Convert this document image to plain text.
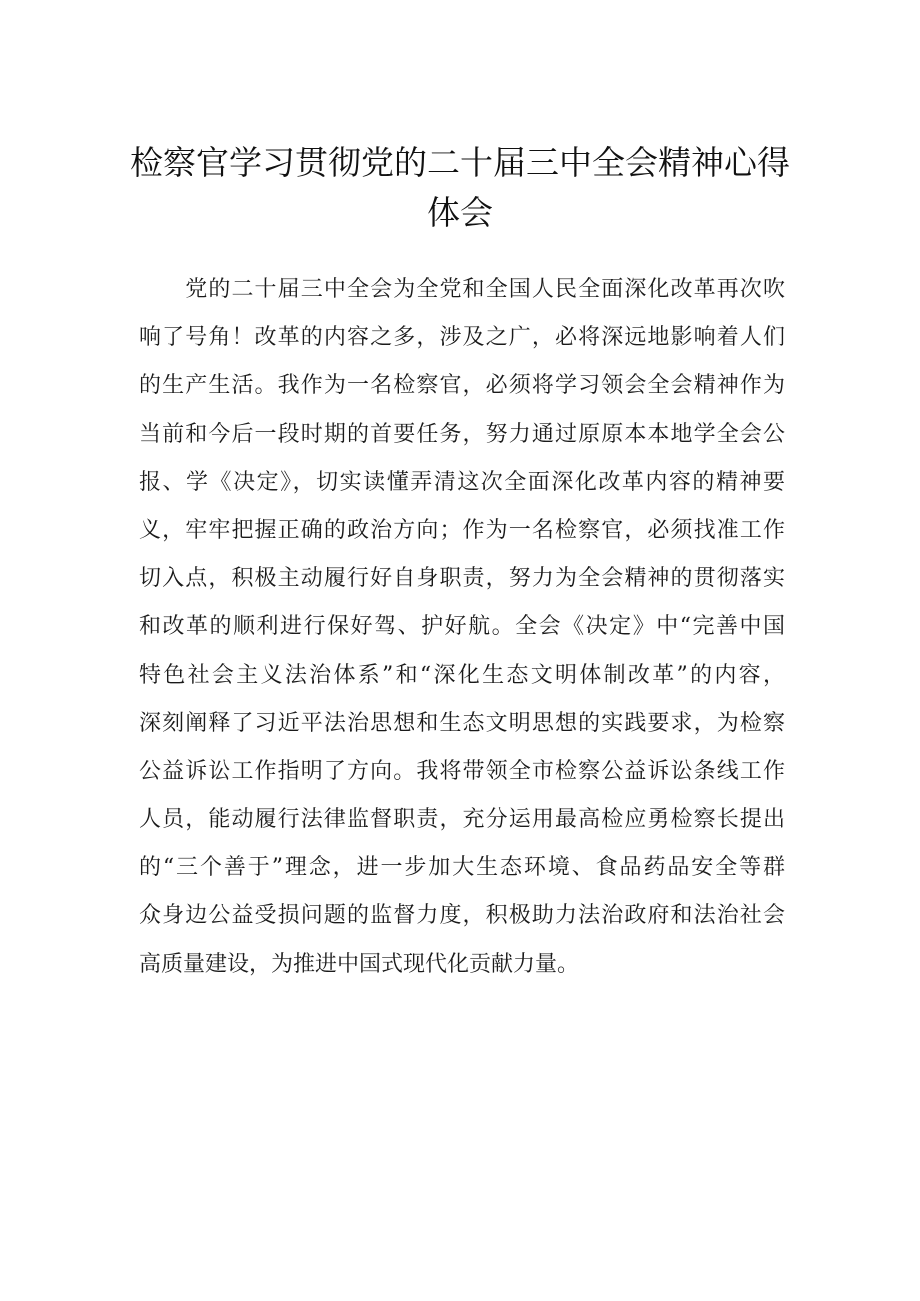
检察官学习贯彻党的二十届三中全会精神心得
体会
　　党的二十届三中全会为全党和全国人民全面深化改革再次吹
响了号角！改革的内容之多，涉及之广，必将深远地影响着人们
的生产生活。我作为一名检察官，必须将学习领会全会精神作为
当前和今后一段时期的首要任务，努力通过原原本本地学全会公
报、学《决定》，切实读懂弄清这次全面深化改革内容的精神要
义，牢牢把握正确的政治方向；作为一名检察官，必须找准工作
切入点，积极主动履行好自身职责，努力为全会精神的贯彻落实
和改革的顺利进行保好驾、护好航。全会《决定》中“完善中国
特色社会主义法治体系”和“深化生态文明体制改革”的内容，
深刻阐释了习近平法治思想和生态文明思想的实践要求，为检察
公益诉讼工作指明了方向。我将带领全市检察公益诉讼条线工作
人员，能动履行法律监督职责，充分运用最高检应勇检察长提出
的“三个善于”理念，进一步加大生态环境、食品药品安全等群
众身边公益受损问题的监督力度，积极助力法治政府和法治社会
高质量建设，为推进中国式现代化贡献力量。
